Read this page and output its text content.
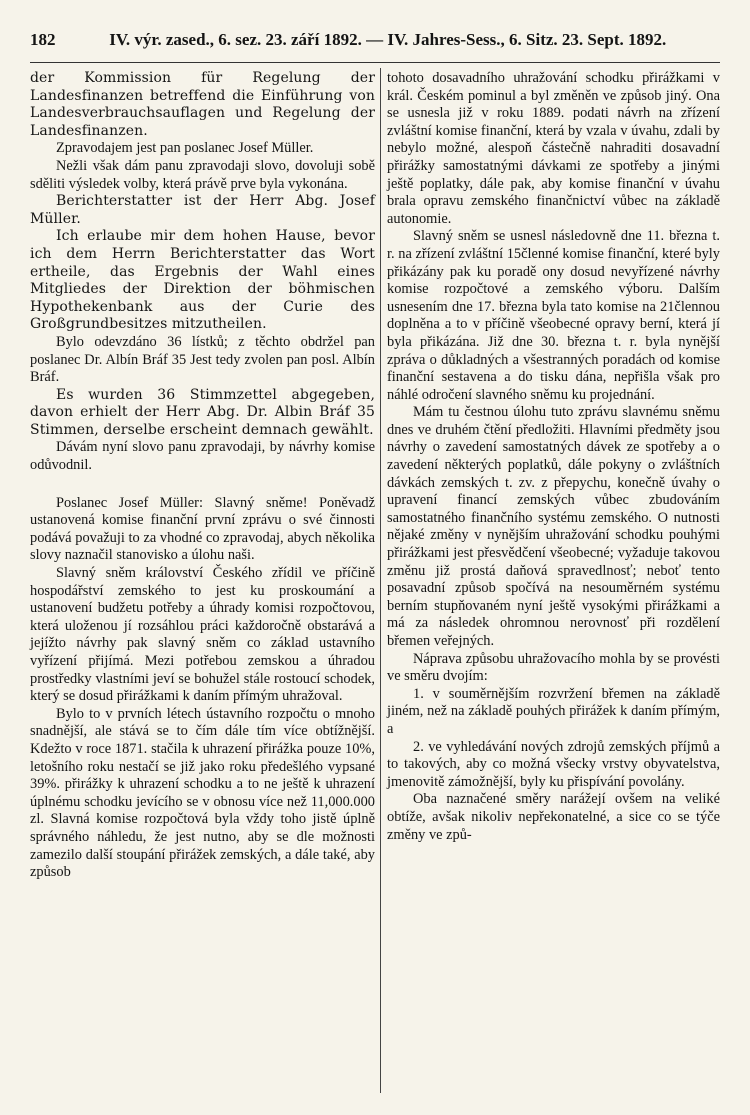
182	IV. výr. zased., 6. sez. 23. září 1892. — IV. Jahres-Sess., 6. Sitz. 23. Sept. 1892.

der Kommission für Regelung der Landesfinanzen betreffend die Einführung von Landesverbrauchsauflagen und Regelung der Landesfinanzen.

Zpravodajem jest pan poslanec Josef Müller.

Nežli však dám panu zpravodaji slovo, dovoluji sobě sděliti výsledek volby, která právě prve byla vykonána.

Berichterstatter ist der Herr Abg. Josef Müller.

Ich erlaube mir dem hohen Hause, bevor ich dem Herrn Berichterstatter das Wort ertheile, das Ergebnis der Wahl eines Mitgliedes der Direktion der böhmischen Hypothekenbank aus der Curie des Großgrundbesitzes mitzutheilen.

Bylo odevzdáno 36 lístků; z těchto obdržel pan poslanec Dr. Albín Bráf 35 Jest tedy zvolen pan posl. Albín Bráf.

Es wurden 36 Stimmzettel abgegeben, davon erhielt der Herr Abg. Dr. Albin Bráf 35 Stimmen, derselbe erscheint demnach gewählt.

Dávám nyní slovo panu zpravodaji, by návrhy komise odůvodnil.

Poslanec Josef Müller: Slavný sněme! Poněvadž ustanovená komise finanční první zprávu o své činnosti podává považuji to za vhodné co zpravodaj, abych několika slovy naznačil stanovisko a úlohu naši.

Slavný sněm království Českého zřídil ve příčině hospodářství zemského to jest ku proskoumání a ustanovení budžetu potřeby a úhrady komisi rozpočtovou, která uloženou jí rozsáhlou práci každoročně obstarává a jejížto návrhy pak slavný sněm co základ ustavního vyřízení přijímá. Mezi potřebou zemskou a úhradou prostředky vlastními jeví se bohužel stále rostoucí schodek, který se dosud přirážkami k daním přímým uhražoval.

Bylo to v prvních létech ústavního rozpočtu o mnoho snadnější, ale stává se to čím dále tím více obtížnější. Kdežto v roce 1871. stačila k uhrazení přirážka pouze 10%, letošního roku nestačí se již jako roku předešlého vypsané 39%. přirážky k uhrazení schodku a to ne ještě k uhrazení úplnému schodku jevícího se v obnosu více než 11,000.000 zl. Slavná komise rozpočtová byla vždy toho jistě úplně správného náhledu, že jest nutno, aby se dle možnosti zamezilo další stoupání přirážek zemských, a dále také, aby způsob

tohoto dosavadního uhražování schodku přirážkami v král. Českém pominul a byl změněn ve způsob jiný. Ona se usnesla již v roku 1889. podati návrh na zřízení zvláštní komise finanční, která by vzala v úvahu, zdali by nebylo možné, alespoň částečně nahraditi dosavadní přirážky samostatnými dávkami ze spotřeby a jinými ještě poplatky, dále pak, aby komise finanční v úvahu brala opravu zemského finančnictví vůbec na základě autonomie.

Slavný sněm se usnesl následovně dne 11. března t. r. na zřízení zvláštní 15členné komise finanční, které byly přikázány pak ku poradě ony dosud nevyřízené návrhy komise rozpočtové a zemského výboru. Dalším usnesením dne 17. března byla tato komise na 21člennou doplněna a to v příčině všeobecné opravy berní, která jí byla přikázána. Již dne 30. března t. r. byla nynější zpráva o důkladných a všestranných poradách od komise finanční sestavena a do tisku dána, nepřišla však pro náhlé odročení slavného sněmu ku projednání.

Mám tu čestnou úlohu tuto zprávu slavnému sněmu dnes ve druhém čtění předložiti. Hlavními předměty jsou návrhy o zavedení samostatných dávek ze spotřeby a o zavedení některých poplatků, dále pokyny o zvláštních dávkách zemských t. zv. z přepychu, konečně úvahy o upravení financí zemských vůbec zbudováním samostatného finančního systému zemského. O nutnosti nějaké změny v nynějším uhražování schodku pouhými přirážkami jest přesvědčení všeobecné; vyžaduje takovou změnu již prostá daňová spravedlnosť; neboť tento posavadní způsob spočívá na nesouměrném systému berním stupňovaném nyní ještě vysokými přirážkami a má za následek ohromnou nerovnosť při rozdělení břemen veřejných.

Náprava způsobu uhražovacího mohla by se provésti ve směru dvojím:

1. v souměrnějším rozvržení břemen na základě jiném, než na základě pouhých přirážek k daním přímým, a

2. ve vyhledávání nových zdrojů zemských příjmů a to takových, aby co možná všecky vrstvy obyvatelstva, jmenovitě zámožnější, byly ku přispívání povolány.

Oba naznačené směry narážejí ovšem na veliké obtíže, avšak nikoliv nepřekonatelné, a sice co se týče změny ve způ-
